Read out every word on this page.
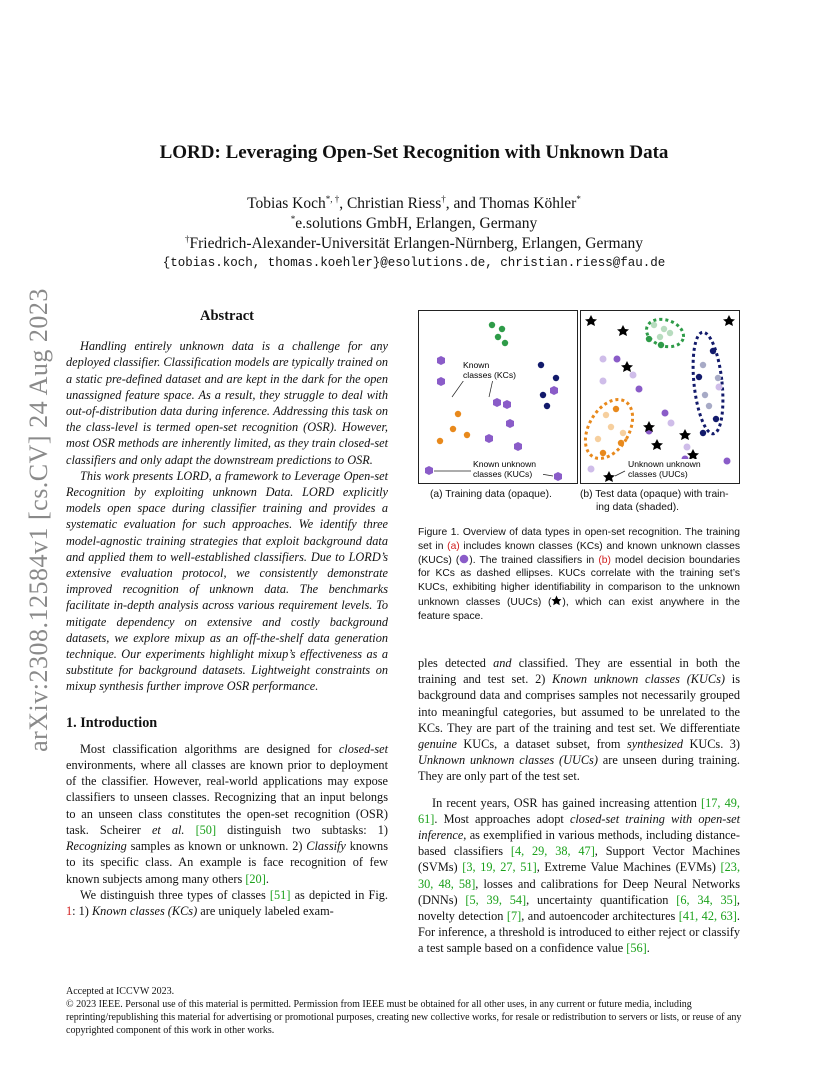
arXiv:2308.12584v1 [cs.CV] 24 Aug 2023
LORD: Leveraging Open-Set Recognition with Unknown Data
Tobias Koch*, †, Christian Riess†, and Thomas Köhler*
*e.solutions GmbH, Erlangen, Germany
†Friedrich-Alexander-Universität Erlangen-Nürnberg, Erlangen, Germany
{tobias.koch, thomas.koehler}@esolutions.de, christian.riess@fau.de

Abstract

Handling entirely unknown data is a challenge for any deployed classifier. Classification models are typically trained on a static pre-defined dataset and are kept in the dark for the open unassigned feature space. As a result, they struggle to deal with out-of-distribution data during inference. Addressing this task on the class-level is termed open-set recognition (OSR). However, most OSR methods are inherently limited, as they train closed-set classifiers and only adapt the downstream predictions to OSR.

This work presents LORD, a framework to Leverage Open-set Recognition by exploiting unknown Data. LORD explicitly models open space during classifier training and provides a systematic evaluation for such approaches. We identify three model-agnostic training strategies that exploit background data and applied them to well-established classifiers. Due to LORD’s extensive evaluation protocol, we consistently demonstrate improved recognition of unknown data. The benchmarks facilitate in-depth analysis across various requirement levels. To mitigate dependency on extensive and costly background datasets, we explore mixup as an off-the-shelf data generation technique. Our experiments highlight mixup’s effectiveness as a substitute for background datasets. Lightweight constraints on mixup synthesis further improve OSR performance.

1. Introduction

Most classification algorithms are designed for closed-set environments, where all classes are known prior to deployment of the classifier. However, real-world applications may expose classifiers to unseen classes. Recognizing that an input belongs to an unseen class constitutes the open-set recognition (OSR) task. Scheirer et al. [50] distinguish two subtasks: 1) Recognizing samples as known or unknown. 2) Classify knowns to its specific class. An example is face recognition of few known subjects among many others [20].

We distinguish three types of classes [51] as depicted in Fig. 1: 1) Known classes (KCs) are uniquely labeled exam-

Known
classes (KCs)
Known unknown
classes (KUCs)
Unknown unknown
classes (UUCs)
(a) Training data (opaque).	(b) Test data (opaque) with train-
ing data (shaded).
Figure 1. Overview of data types in open-set recognition. The training set in (a) includes known classes (KCs) and known unknown classes (KUCs) ( ). The trained classifiers in (b) model decision boundaries for KCs as dashed ellipses. KUCs correlate with the training set’s KUCs, exhibiting higher identifiability in comparison to the unknown unknown classes (UUCs) ( ), which can exist anywhere in the feature space.

ples detected and classified. They are essential in both the training and test set. 2) Known unknown classes (KUCs) is background data and comprises samples not necessarily grouped into meaningful categories, but assumed to be unrelated to the KCs. They are part of the training and test set. We differentiate genuine KUCs, a dataset subset, from synthesized KUCs. 3) Unknown unknown classes (UUCs) are unseen during training. They are only part of the test set.

In recent years, OSR has gained increasing attention [17, 49, 61]. Most approaches adopt closed-set training with open-set inference, as exemplified in various methods, including distance-based classifiers [4, 29, 38, 47], Support Vector Machines (SVMs) [3, 19, 27, 51], Extreme Value Machines (EVMs) [23, 30, 48, 58], losses and calibrations for Deep Neural Networks (DNNs) [5, 39, 54], uncertainty quantification [6, 34, 35], novelty detection [7], and autoencoder architectures [41, 42, 63]. For inference, a threshold is introduced to either reject or classify a test sample based on a confidence value [56].

Accepted at ICCVW 2023.

© 2023 IEEE. Personal use of this material is permitted. Permission from IEEE must be obtained for all other uses, in any current or future media, including reprinting/republishing this material for advertising or promotional purposes, creating new collective works, for resale or redistribution to servers or lists, or reuse of any copyrighted component of this work in other works.
